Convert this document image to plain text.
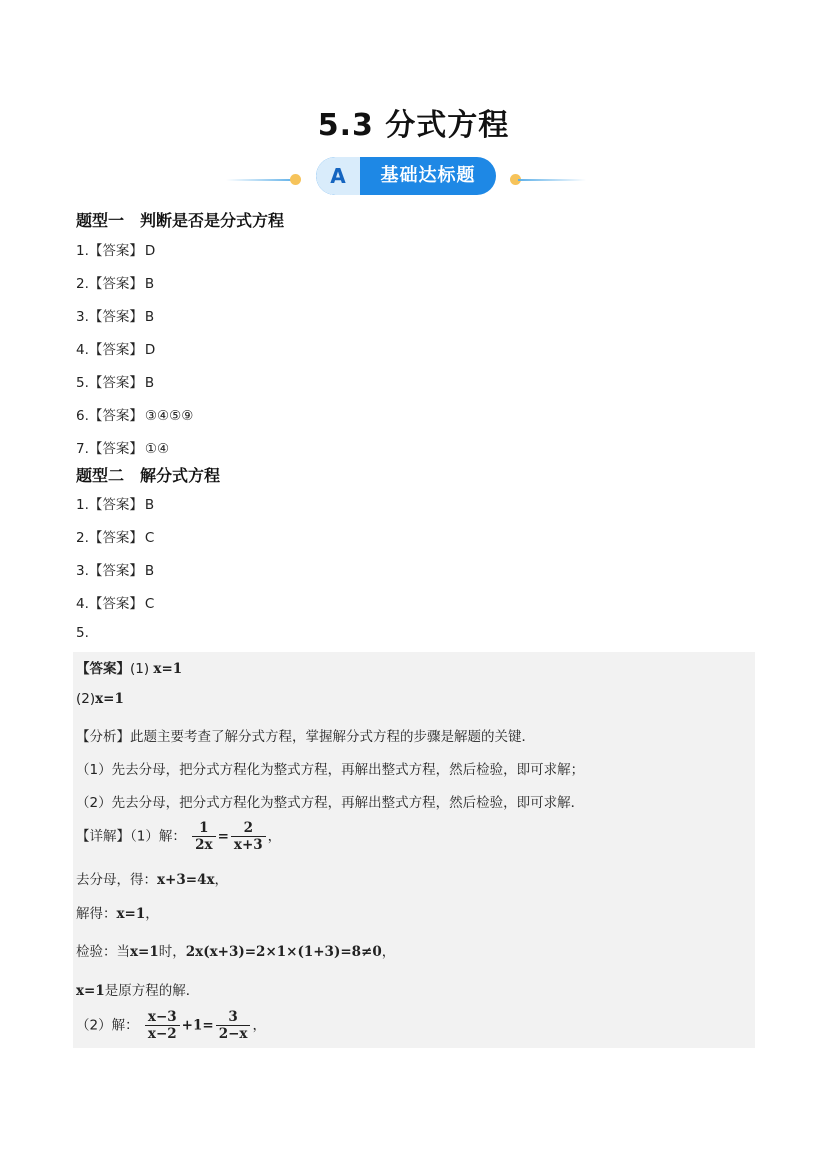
5.3 分式方程
A	基础达标题
题型一　判断是否是分式方程
1.【答案】 D
2.【答案】 B
3.【答案】 B
4.【答案】 D
5.【答案】 B
6.【答案】 ③④⑤⑨
7.【答案】 ①④
题型二　解分式方程
1.【答案】 B
2.【答案】 C
3.【答案】 B
4.【答案】 C
5.
【答案】(1) x=1
(2)x=1
【分析】此题主要考查了解分式方程，掌握解分式方程的步骤是解题的关键．
（1）先去分母，把分式方程化为整式方程，再解出整式方程，然后检验，即可求解；
（2）先去分母，把分式方程化为整式方程，再解出整式方程，然后检验，即可求解．
【详解】（1）解： $\frac{1}{2x} = \frac{2}{x+3}$ ，
去分母，得：x+3=4x，
解得：x=1，
检验：当x=1时，2x(x+3)=2×1×(1+3)=8≠0，
x=1是原方程的解．
（2）解： $\frac{x-3}{x-2} +1= \frac{3}{2-x}$ ，
